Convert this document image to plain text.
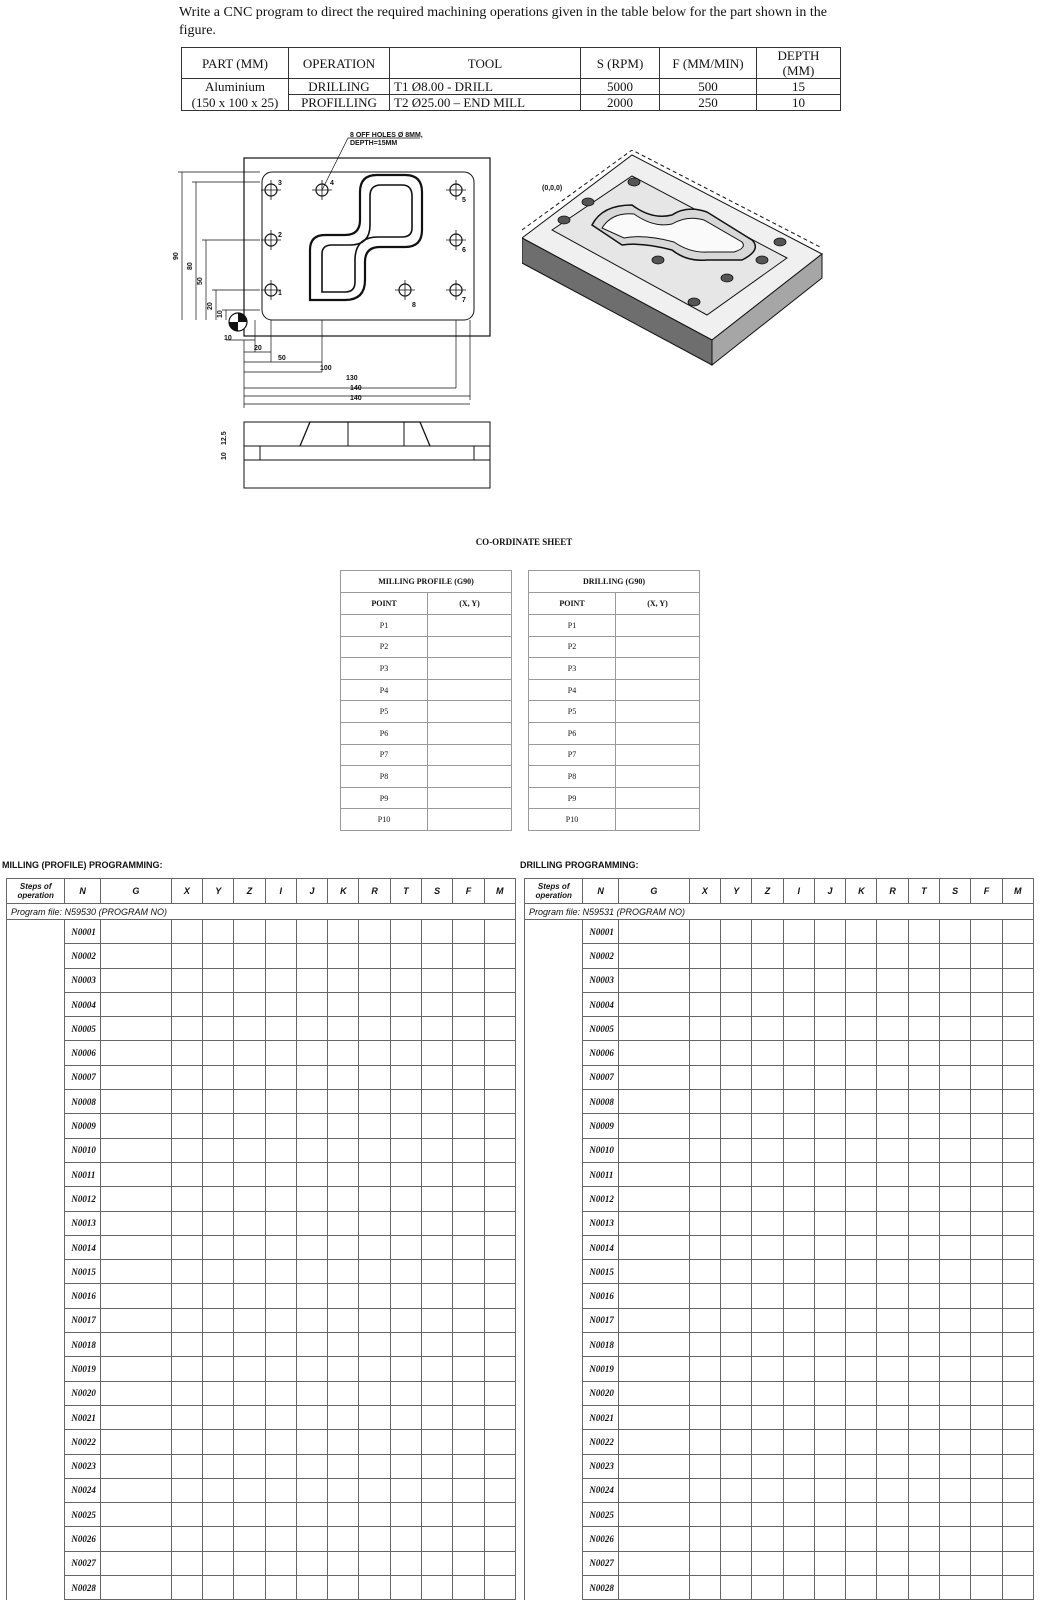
Write a CNC program to direct the required machining operations given in the table below for the part shown in the figure.
PART (MM)	OPERATION	TOOL	S (RPM)	F (MM/MIN)	DEPTH (MM)
Aluminium	DRILLING	T1 Ø8.00 - DRILL	5000	500	15
(150 x 100 x 25)	PROFILLING	T2 Ø25.00 – END MILL	2000	250	10
8 OFF HOLES Ø 8MM,
DEPTH=15MM
90
80
50
20
10
10
20
50
100
130
140
140
1
2
3	4
5
6
7
8
10
12.5
(0,0,0)
CO-ORDINATE SHEET
MILLING PROFILE (G90)	
POINT	(X, Y)
P1	
P2	
P3	
P4	
P5	
P6	
P7	
P8	
P9	
P10	
DRILLING (G90)	
POINT	(X, Y)
P1	
P2	
P3	
P4	
P5	
P6	
P7	
P8	
P9	
P10	
MILLING (PROFILE) PROGRAMMING:	DRILLING PROGRAMMING:
Steps of operation	N	G	X	Y	Z	I	J	K	R	T	S	F	M
Program file: N59530 (PROGRAM NO)													
	N0001												
	N0002												
	N0003												
	N0004												
	N0005												
	N0006												
	N0007												
	N0008												
	N0009												
	N0010												
	N0011												
	N0012												
	N0013												
	N0014												
	N0015												
	N0016												
	N0017												
	N0018												
	N0019												
	N0020												
	N0021												
	N0022												
	N0023												
	N0024												
	N0025												
	N0026												
	N0027												
	N0028												
Steps of operation	N	G	X	Y	Z	I	J	K	R	T	S	F	M
Program file: N59531 (PROGRAM NO)													
	N0001												
	N0002												
	N0003												
	N0004												
	N0005												
	N0006												
	N0007												
	N0008												
	N0009												
	N0010												
	N0011												
	N0012												
	N0013												
	N0014												
	N0015												
	N0016												
	N0017												
	N0018												
	N0019												
	N0020												
	N0021												
	N0022												
	N0023												
	N0024												
	N0025												
	N0026												
	N0027												
	N0028												
